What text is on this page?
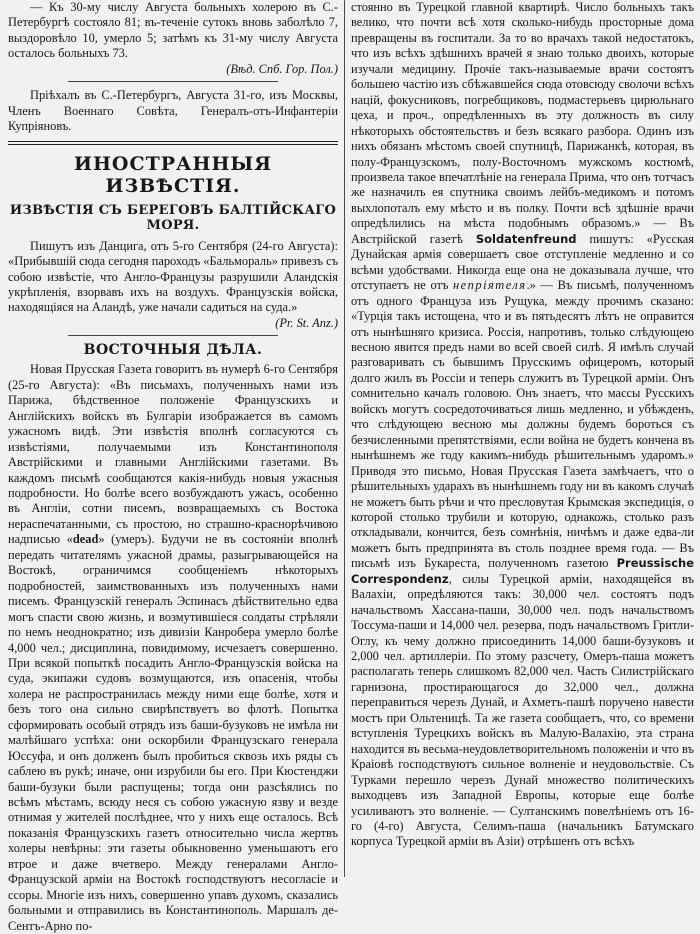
— Къ 30-му числу Августа больныхъ холерою въ С.-Петербургѣ состояло 81; въ-теченіе сутокъ вновь заболѣло 7, выздоровѣло 10, умерло 5; затѣмъ къ 31-му числу Августа осталось больныхъ 73.
(Вѣд. Спб. Гор. Пол.)

Пріѣхалъ въ С.-Петербургъ, Августа 31-го, изъ Москвы, Членъ Военнаго Совѣта, Генералъ-отъ-Инфантеріи Купріяновъ.

ИНОСТРАННЫЯ ИЗВѢСТІЯ.
ИЗВѢСТІЯ СЪ БЕРЕГОВЪ БАЛТІЙСКАГО МОРЯ.

Пишутъ изъ Данцига, отъ 5-го Сентября (24-го Августа): «Прибывшій сюда сегодня пароходъ «Бальмораль» привезъ съ собою извѣстіе, что Англо-Французы разрушили Аландскія укрѣпленія, взорвавъ ихъ на воздухъ. Французскія войска, находящіяся на Аландѣ, уже начали садиться на суда.»
(Pr. St. Anz.)

ВОСТОЧНЫЯ ДѢЛА.

Новая Прусская Газета говоритъ въ нумерѣ 6-го Сентября (25-го Августа): «Въ письмахъ, полученныхъ нами изъ Парижа, бѣдственное положеніе Французскихъ и Англійскихъ войскъ въ Булгаріи изображается въ самомъ ужасномъ видѣ. Эти извѣстія вполнѣ согласуются съ извѣстіями, получаемыми изъ Константинополя Австрійскими и главными Англійскими газетами. Въ каждомъ письмѣ сообщаются какія-нибудь новыя ужасныя подробности. Но болѣе всего возбуждаютъ ужасъ, особенно въ Англіи, сотни писемъ, возвращаемыхъ съ Востока нераспечатанными, съ простою, но страшно-краснорѣчивою надписью «dead» (умеръ). Будучи не въ состояніи вполнѣ передать читателямъ ужасной драмы, разыгрывающейся на Востокѣ, ограничимся сообщеніемъ нѣкоторыхъ подробностей, заимствованныхъ изъ полученныхъ нами писемъ. Французскій генералъ Эспинасъ дѣйствительно едва могъ спасти свою жизнь, и возмутившіеся солдаты стрѣляли по немъ неоднократно; изъ дивизіи Канробера умерло болѣе 4,000 чел.; дисциплина, повидимому, исчезаетъ совершенно. При всякой попыткѣ посадить Англо-Французскія войска на суда, экипажи судовъ возмущаются, изъ опасенія, чтобы холера не распространилась между ними еще болѣе, хотя и безъ того она сильно свирѣпствуетъ во флотѣ. Попытка сформировать особый отрядъ изъ баши-бузуковъ не имѣла ни малѣйшаго успѣха: они оскорбили Французскаго генерала Юссуфа, и онъ долженъ былъ пробиться сквозь ихъ ряды съ саблею въ рукѣ; иначе, они изрубили бы его. При Кюстенджи баши-бузуки были распущены; тогда они разсѣялись по всѣмъ мѣстамъ, всюду неся съ собою ужасную язву и везде отнимая у жителей послѣднее, что у нихъ еще осталось. Всѣ показанія Французскихъ газетъ относительно числа жертвъ холеры невѣрны: эти газеты обыкновенно уменьшаютъ его втрое и даже вчетверо. Между генералами Англо-Французской арміи на Востокѣ господствуютъ несогласіе и ссоры. Многіе изъ нихъ, совершенно упавъ духомъ, сказались больными и отправились въ Константинополь. Маршалъ де-Сентъ-Арно по-

стоянно въ Турецкой главной квартирѣ. Число больныхъ такъ велико, что почти всѣ хотя сколько-нибудь просторные дома превращены въ госпитали. За то во врачахъ такой недостатокъ, что изъ всѣхъ здѣшнихъ врачей я знаю только двоихъ, которые изучали медицину. Прочіе такъ-называемые врачи состоятъ большею частію изъ сбѣжавшейся сюда отовсюду сволочи всѣхъ націй, фокусниковъ, погребщиковъ, подмастерьевъ цирюльнаго цеха, и проч., опредѣленныхъ въ эту должность въ силу нѣкоторыхъ обстоятельствъ и безъ всякаго разбора. Одинъ изъ нихъ обязанъ мѣстомъ своей спутницѣ, Парижанкѣ, которая, въ полу-Французскомъ, полу-Восточномъ мужскомъ костюмѣ, произвела такое впечатлѣніе на генерала Прима, что онъ тотчасъ же назначилъ ея спутника своимъ лейбъ-медикомъ и потомъ выхлопоталъ ему мѣсто и въ полку. Почти всѣ здѣшніе врачи опредѣлились на мѣста подобнымъ образомъ.» — Въ Австрійской газетѣ Soldatenfreund пишутъ: «Русская Дунайская армія совершаетъ свое отступленіе медленно и со всѣми удобствами. Никогда еще она не доказывала лучше, что отступаетъ не отъ непріятеля.» — Въ письмѣ, полученномъ отъ одного Француза изъ Рущука, между прочимъ сказано: «Турція такъ истощена, что и въ пятьдесятъ лѣтъ не оправится отъ нынѣшняго кризиса. Россія, напротивъ, только слѣдующею весною явится предъ нами во всей своей силѣ. Я имѣлъ случай разговаривать съ бывшимъ Прусскимъ офицеромъ, который долго жилъ въ Россіи и теперь служитъ въ Турецкой арміи. Онъ сомнительно качалъ головою. Онъ знаетъ, что массы Русскихъ войскъ могутъ сосредоточиваться лишь медленно, и убѣжденъ, что слѣдующею весною мы должны будемъ бороться съ безчисленными препятствіями, если война не будетъ кончена въ нынѣшнемъ же году какимъ-нибудь рѣшительнымъ ударомъ.» Приводя это письмо, Новая Прусская Газета замѣчаетъ, что о рѣшительныхъ ударахъ въ нынѣшнемъ году ни въ какомъ случаѣ не можетъ быть рѣчи и что пресловутая Крымская экспедиція, о которой столько трубили и которую, однакожь, столько разъ откладывали, кончится, безъ сомнѣнія, ничѣмъ и даже едва-ли можетъ быть предпринята въ столь позднее время года. — Въ письмѣ изъ Букареста, полученномъ газетою Preussische Correspondenz, силы Турецкой арміи, находящейся въ Валахіи, опредѣляются такъ: 30,000 чел. состоятъ подъ начальствомъ Хассана-паши, 30,000 чел. подъ начальствомъ Тоссума-паши и 14,000 чел. резерва, подъ начальствомъ Гритли-Оглу, къ чему должно присоединить 14,000 баши-бузуковъ и 2,000 чел. артиллеріи. По этому разсчету, Омеръ-паша можетъ располагать теперь слишкомъ 82,000 чел. Часть Силистрійскаго гарнизона, простирающагося до 32,000 чел., должна переправиться черезъ Дунай, и Ахметъ-пашѣ поручено навести мостъ при Ольтеницѣ. Та же газета сообщаетъ, что, со времени вступленія Турецкихъ войскъ въ Малую-Валахію, эта страна находится въ весьма-неудовлетворительномъ положеніи и что въ Краіовѣ господствуютъ сильное волненіе и неудовольствіе. Съ Турками перешло черезъ Дунай множество политическихъ выходцевъ изъ Западной Европы, которые еще болѣе усиливаютъ это волненіе. — Султанскимъ повелѣніемъ отъ 16-го (4-го) Августа, Селимъ-паша (начальникъ Батумскаго корпуса Турецкой арміи въ Азіи) отрѣшенъ отъ всѣхъ
